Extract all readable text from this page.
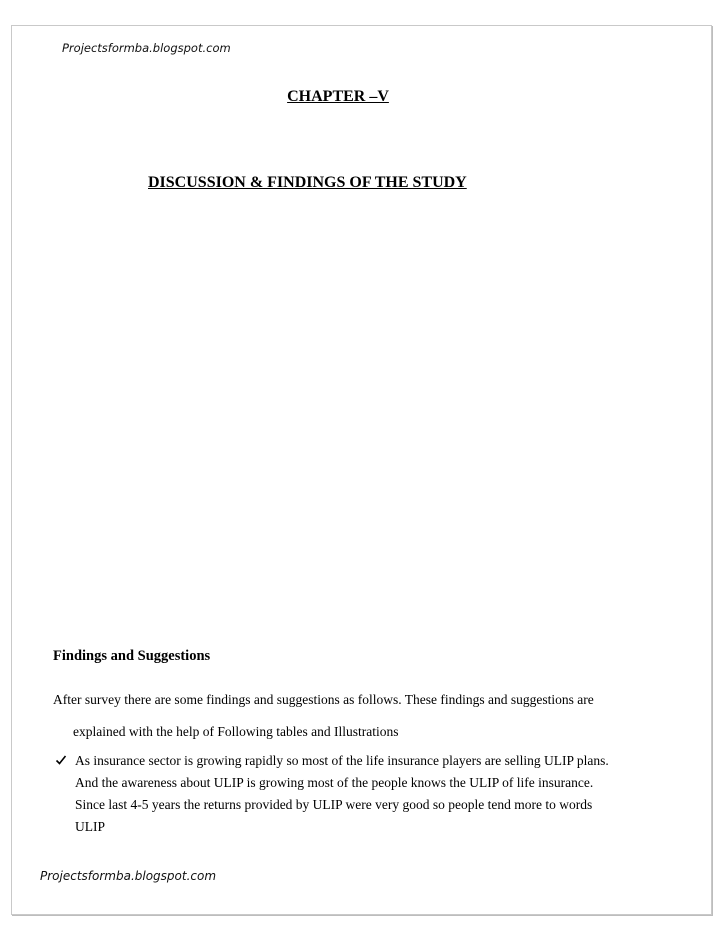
Projectsformba.blogspot.com
CHAPTER –V
DISCUSSION & FINDINGS OF THE STUDY
Findings and Suggestions
After survey there are some findings and suggestions as follows. These findings and suggestions are
explained with the help of Following tables and Illustrations
As insurance sector is growing rapidly so most of the life insurance players are selling ULIP plans.
And the awareness about ULIP is growing most of the people knows the ULIP of life insurance.
Since last 4-5 years the returns provided by ULIP were very good so people tend more to words
ULIP
Projectsformba.blogspot.com
